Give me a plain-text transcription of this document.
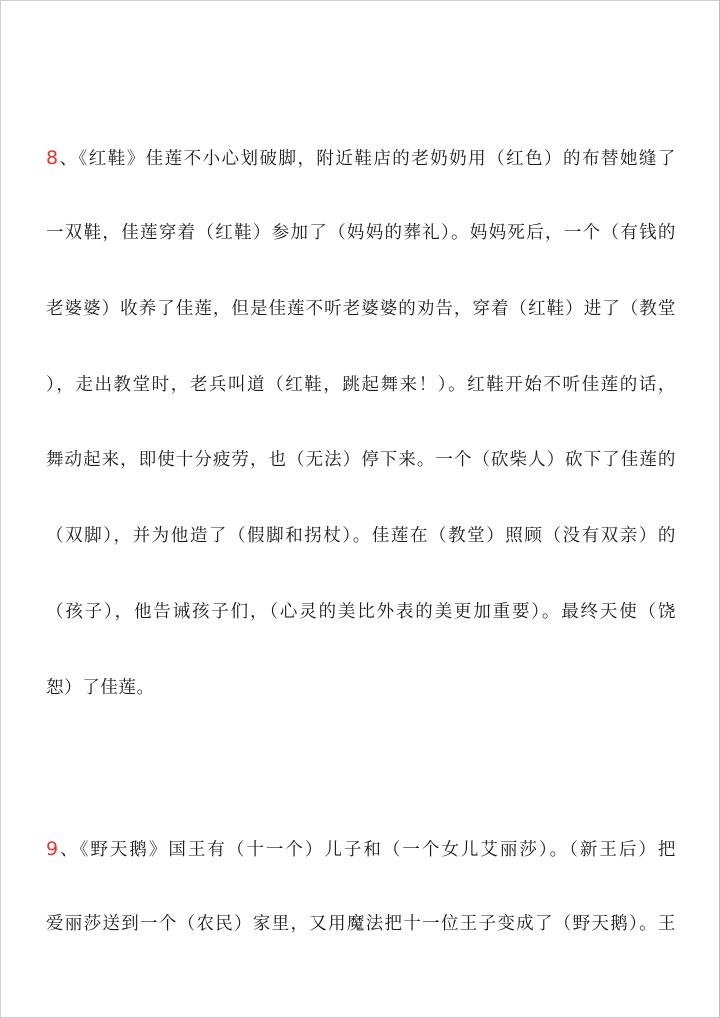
8、《红鞋》佳莲不小心划破脚，附近鞋店的老奶奶用（红色）的布替她缝了
一双鞋，佳莲穿着（红鞋）参加了（妈妈的葬礼）。妈妈死后，一个（有钱的
老婆婆）收养了佳莲，但是佳莲不听老婆婆的劝告，穿着（红鞋）进了（教堂
），走出教堂时，老兵叫道（红鞋，跳起舞来！）。红鞋开始不听佳莲的话，
舞动起来，即使十分疲劳，也（无法）停下来。一个（砍柴人）砍下了佳莲的
（双脚），并为他造了（假脚和拐杖）。佳莲在（教堂）照顾（没有双亲）的
（孩子），他告诫孩子们，（心灵的美比外表的美更加重要）。最终天使（饶
恕）了佳莲。
9、《野天鹅》国王有（十一个）儿子和（一个女儿艾丽莎）。（新王后）把
爱丽莎送到一个（农民）家里，又用魔法把十一位王子变成了（野天鹅）。王
